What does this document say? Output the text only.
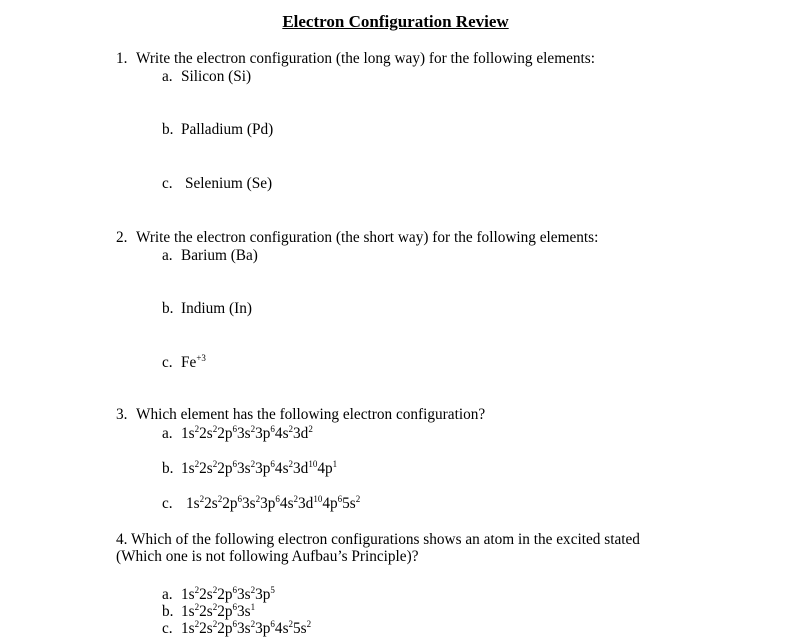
Electron Configuration Review
1. Write the electron configuration (the long way) for the following elements:
a. Silicon (Si)
b. Palladium (Pd)
c. Selenium (Se)
2. Write the electron configuration (the short way) for the following elements:
a. Barium (Ba)
b. Indium (In)
c. $Fe^{+3}$
3. Which element has the following electron configuration?
a. $1s^22s^22p^63s^23p^64s^23d^2$
b. $1s^22s^22p^63s^23p^64s^23d^{10}4p^1$
c. $1s^22s^22p^63s^23p^64s^23d^{10}4p^65s^2$
4. Which of the following electron configurations shows an atom in the excited stated
(Which one is not following Aufbau’s Principle)?
a. $1s^22s^22p^63s^23p^5$
b. $1s^22s^22p^63s^1$
c. $1s^22s^22p^63s^23p^64s^25s^2$
